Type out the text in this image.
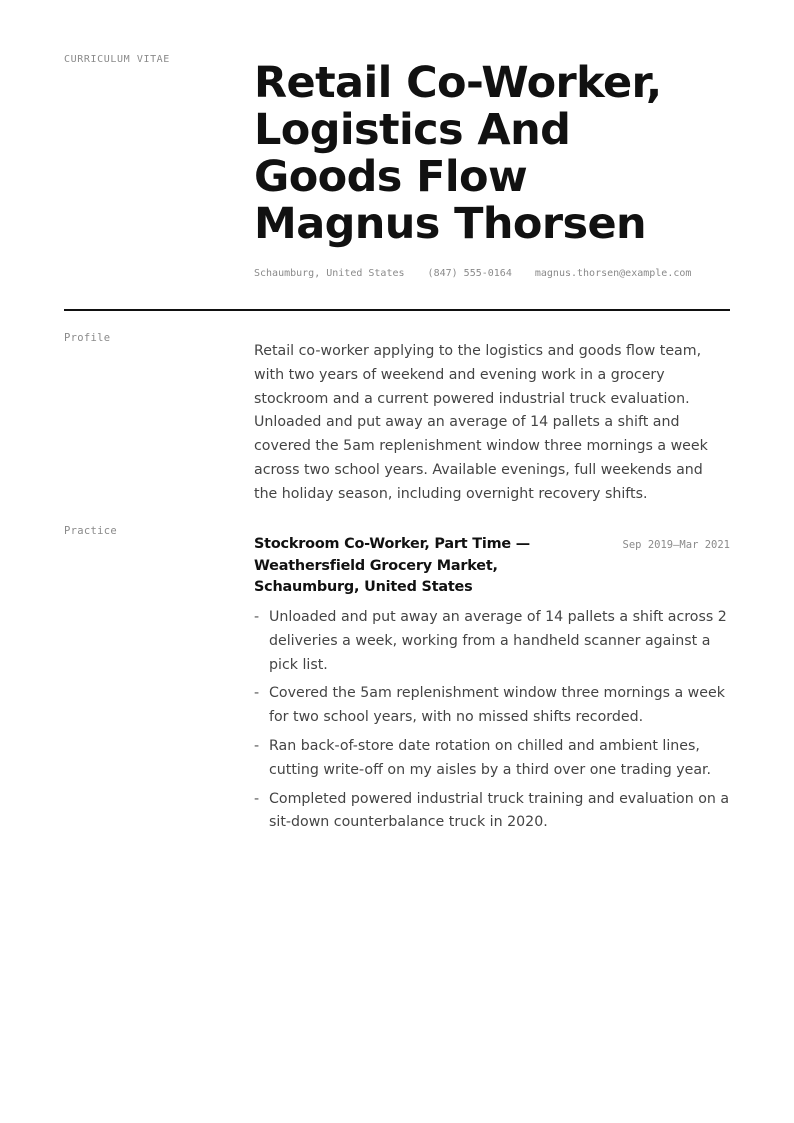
CURRICULUM VITAE Retail Co-Worker,
Logistics And
Goods Flow
Magnus Thorsen
Schaumburg, United States (847) 555-0164 magnus.thorsen@example.com
Profile

Retail co-worker applying to the logistics and goods flow team, with two years of weekend and evening work in a grocery stockroom and a current powered industrial truck evaluation. Unloaded and put away an average of 14 pallets a shift and covered the 5am replenishment window three mornings a week across two school years. Available evenings, full weekends and the holiday season, including overnight recovery shifts.

Practice
Stockroom Co-Worker, Part Time —
Weathersfield Grocery Market,
Schaumburg, United States
Sep 2019–Mar 2021
- Unloaded and put away an average of 14 pallets a shift across 2 deliveries a week, working from a handheld scanner against a pick list.
- Covered the 5am replenishment window three mornings a week for two school years, with no missed shifts recorded.
- Ran back-of-store date rotation on chilled and ambient lines, cutting write-off on my aisles by a third over one trading year.
- Completed powered industrial truck training and evaluation on a sit-down counterbalance truck in 2020.
